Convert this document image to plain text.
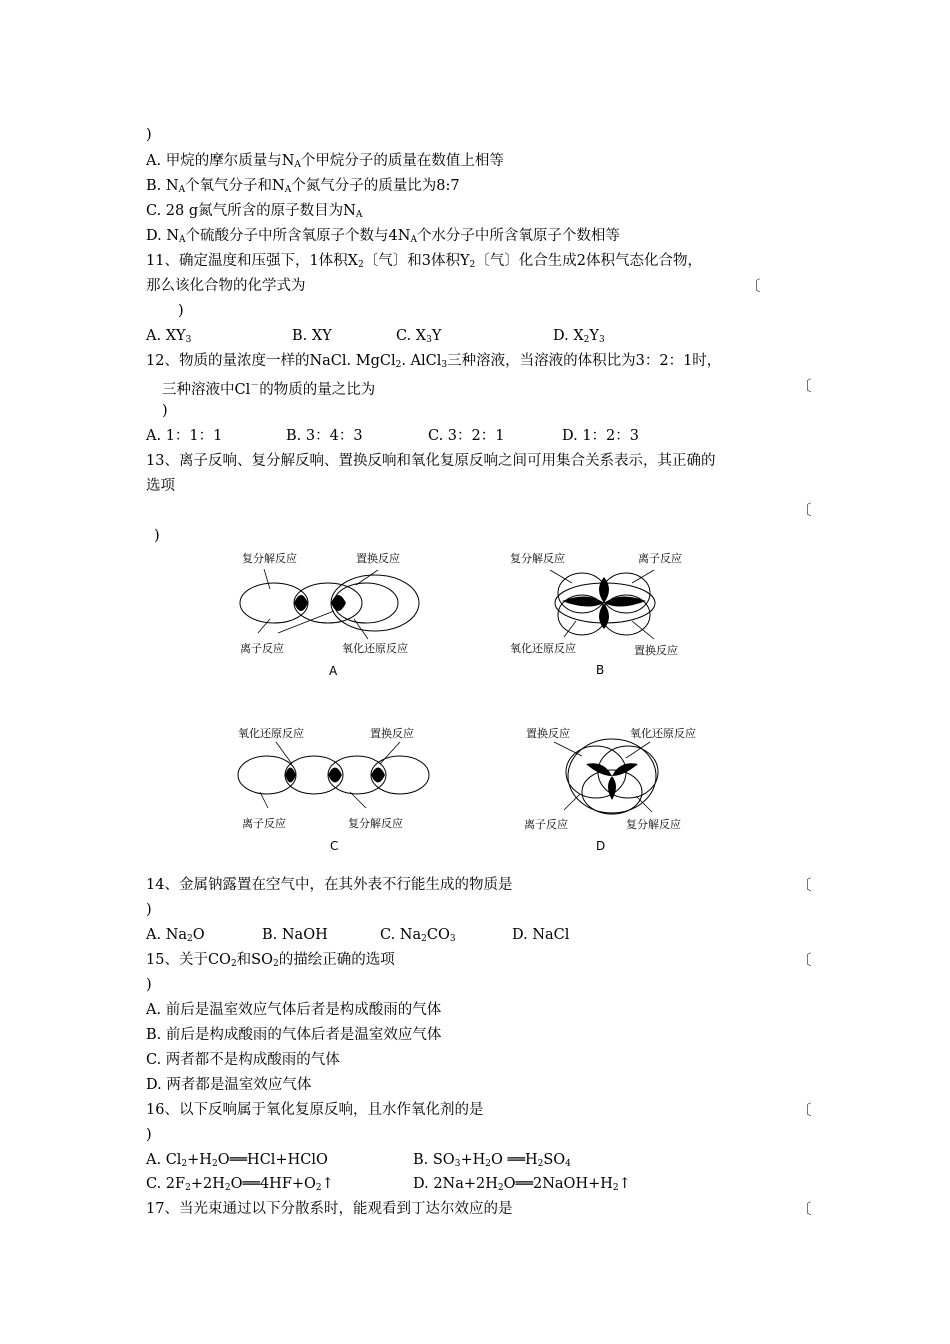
)
A. 甲烷的摩尔质量与$N_A$个甲烷分子的质量在数值上相等
B. $N_A$个氧气分子和$N_A$个氮气分子的质量比为8:7
C. 28 g氮气所含的原子数目为$N_A$
D. $N_A$个硫酸分子中所含氧原子个数与$4N_A$个水分子中所含氧原子个数相等
11、确定温度和压强下，1体积$X_2$〔气〕和3体积$Y_2$〔气〕化合生成2体积气态化合物，
那么该化合物的化学式为	〔
)
A. $XY_3$	B. XY	C. $X_3Y$	D. $X_2Y_3$
12、物质的量浓度一样的NaCl. MgCl$_2$. AlCl$_3$三种溶液，当溶液的体积比为3：2：1时，
三种溶液中Cl－的物质的量之比为	〔
)
A. 1：1：1	B. 3：4：3	C. 3：2：1	D. 1：2：3
13、离子反响、复分解反响、置换反响和氧化复原反响之间可用集合关系表示，其正确的
选项
〔
)
复分解反应	置换反应
离子反应	氧化还原反应
A
复分解反应	离子反应
氧化还原反应	置换反应
B
氧化还原反应	置换反应
离子反应	复分解反应
C
置换反应	氧化还原反应
离子反应	复分解反应
D
14、金属钠露置在空气中，在其外表不行能生成的物质是	〔
)
A. $Na_2O$	B. NaOH	C. $Na_2CO_3$	D. NaCl
15、关于$CO_2$和$SO_2$的描绘正确的选项	〔
)
A. 前后是温室效应气体后者是构成酸雨的气体
B. 前后是构成酸雨的气体后者是温室效应气体
C. 两者都不是构成酸雨的气体
D. 两者都是温室效应气体
16、以下反响属于氧化复原反响，且水作氧化剂的是	〔
)
A. $Cl_2+H_2O══HCl+HClO$	B. $SO_3+H_2O$ $══H_2SO_4$
C. $2F_2+2H_2O══4HF+O_2↑$	D. $2Na+2H_2O══2NaOH+H_2↑$
17、当光束通过以下分散系时，能观看到丁达尔效应的是	〔
